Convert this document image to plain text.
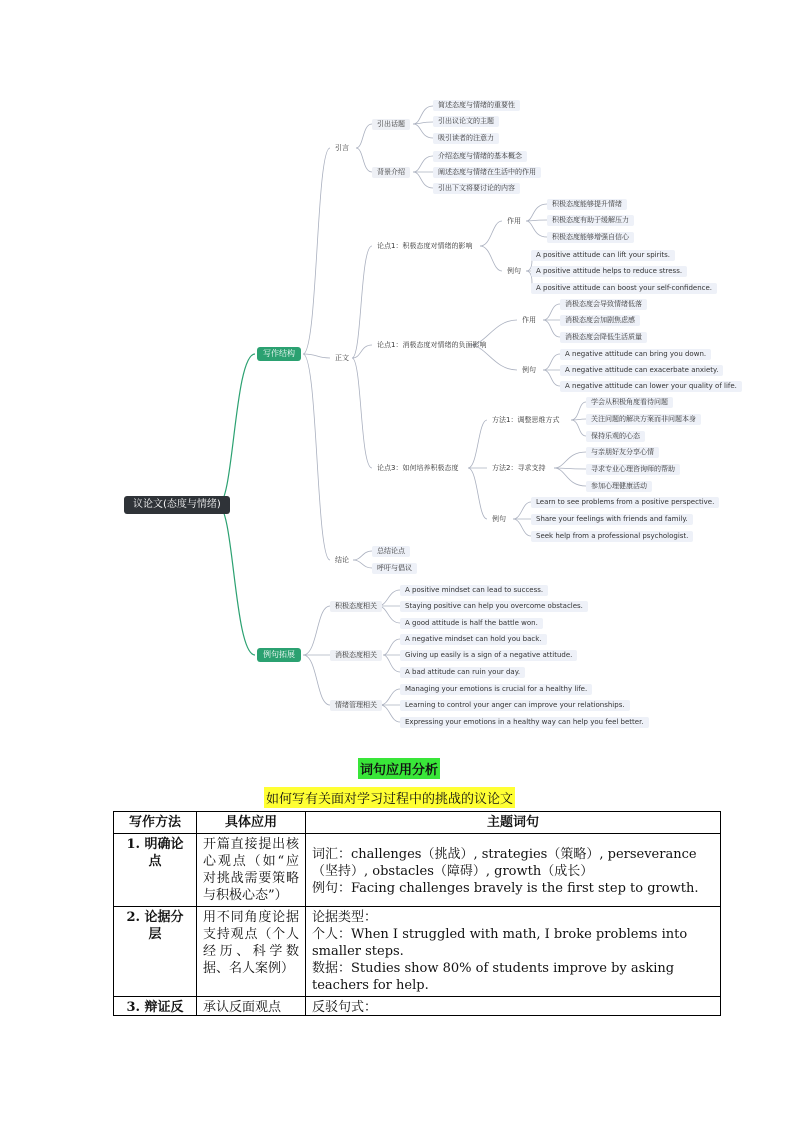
议论文(态度与情绪)
写作结构
例句拓展
引言
引出话题
简述态度与情绪的重要性
引出议论文的主题
吸引读者的注意力
背景介绍
介绍态度与情绪的基本概念
阐述态度与情绪在生活中的作用
引出下文将要讨论的内容
正文
论点1：积极态度对情绪的影响
作用
积极态度能够提升情绪
积极态度有助于缓解压力
积极态度能够增强自信心
例句
A positive attitude can lift your spirits.
A positive attitude helps to reduce stress.
A positive attitude can boost your self-confidence.
论点1：消极态度对情绪的负面影响
作用
消极态度会导致情绪低落
消极态度会加剧焦虑感
消极态度会降低生活质量
例句
A negative attitude can bring you down.
A negative attitude can exacerbate anxiety.
A negative attitude can lower your quality of life.
论点3：如何培养积极态度
方法1：调整思维方式
学会从积极角度看待问题
关注问题的解决方案而非问题本身
保持乐观的心态
方法2：寻求支持
与亲朋好友分享心情
寻求专业心理咨询师的帮助
参加心理健康活动
例句
Learn to see problems from a positive perspective.
Share your feelings with friends and family.
Seek help from a professional psychologist.
结论
总结论点
呼吁与倡议
积极态度相关
A positive mindset can lead to success.
Staying positive can help you overcome obstacles.
A good attitude is half the battle won.
消极态度相关
A negative mindset can hold you back.
Giving up easily is a sign of a negative attitude.
A bad attitude can ruin your day.
情绪管理相关
Managing your emotions is crucial for a healthy life.
Learning to control your anger can improve your relationships.
Expressing your emotions in a healthy way can help you feel better.
词句应用分析
如何写有关面对学习过程中的挑战的议论文
写作方法	具体应用	主题词句
1. 明确论点	开篇直接提出核心观点（如“应对挑战需要策略与积极心态”）	词汇：challenges（挑战）, strategies（策略）, perseverance（坚持）, obstacles（障碍）, growth（成长）
例句：Facing challenges bravely is the first step to growth.

2. 论据分层	用不同角度论据支持观点（个人经历、科学数据、名人案例）	论据类型：
个人：When I struggled with math, I broke problems into smaller steps.
数据：Studies show 80% of students improve by asking teachers for help.

3. 辩证反	承认反面观点	反驳句式：
